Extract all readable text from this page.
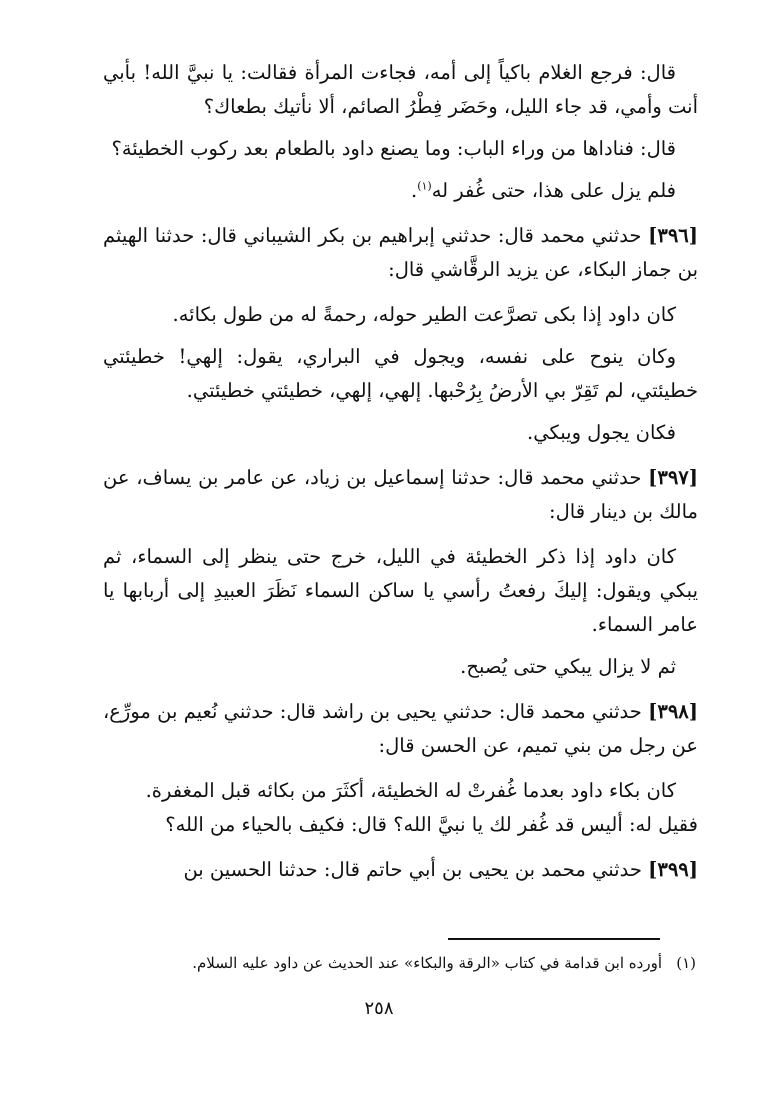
قال: فرجع الغلام باكياً إلى أمه، فجاءت المرأة فقالت: يا نبيَّ الله! بأبي أنت وأمي، قد جاء الليل، وحَضَر فِطْرُ الصائم، ألا نأتيك بطعاك؟

قال: فناداها من وراء الباب: وما يصنع داود بالطعام بعد ركوب الخطيئة؟

فلم يزل على هذا، حتى غُفر له$^{(١)}$.

[٣٩٦] حدثني محمد قال: حدثني إبراهيم بن بكر الشيباني قال: حدثنا الهيثم بن جماز البكاء، عن يزيد الرقَّاشي قال:

كان داود إذا بكى تصرَّعت الطير حوله، رحمةً له من طول بكائه.

وكان ينوح على نفسه، ويجول في البراري، يقول: إلهي! خطيئتي خطيئتي، لم تَقِرّ بي الأرضُ بِرُحْبها. إلهي، إلهي، خطيئتي خطيئتي.

فكان يجول ويبكي.

[٣٩٧] حدثني محمد قال: حدثنا إسماعيل بن زياد، عن عامر بن يساف، عن مالك بن دينار قال:

كان داود إذا ذكر الخطيئة في الليل، خرج حتى ينظر إلى السماء، ثم يبكي ويقول: إليكَ رفعتُ رأسي يا ساكن السماء نَظَرَ العبيدِ إلى أربابها يا عامر السماء.

ثم لا يزال يبكي حتى يُصبح.

[٣٩٨] حدثني محمد قال: حدثني يحيى بن راشد قال: حدثني نُعيم بن مورِّع، عن رجل من بني تميم، عن الحسن قال:

كان بكاء داود بعدما غُفرتْ له الخطيئة، أكثَرَ من بكائه قبل المغفرة.

فقيل له: أليس قد غُفر لك يا نبيَّ الله؟ قال: فكيف بالحياء من الله؟

[٣٩٩] حدثني محمد بن يحيى بن أبي حاتم قال: حدثنا الحسين بن

(١)أورده ابن قدامة في كتاب «الرقة والبكاء» عند الحديث عن داود عليه السلام.
٢٥٨
